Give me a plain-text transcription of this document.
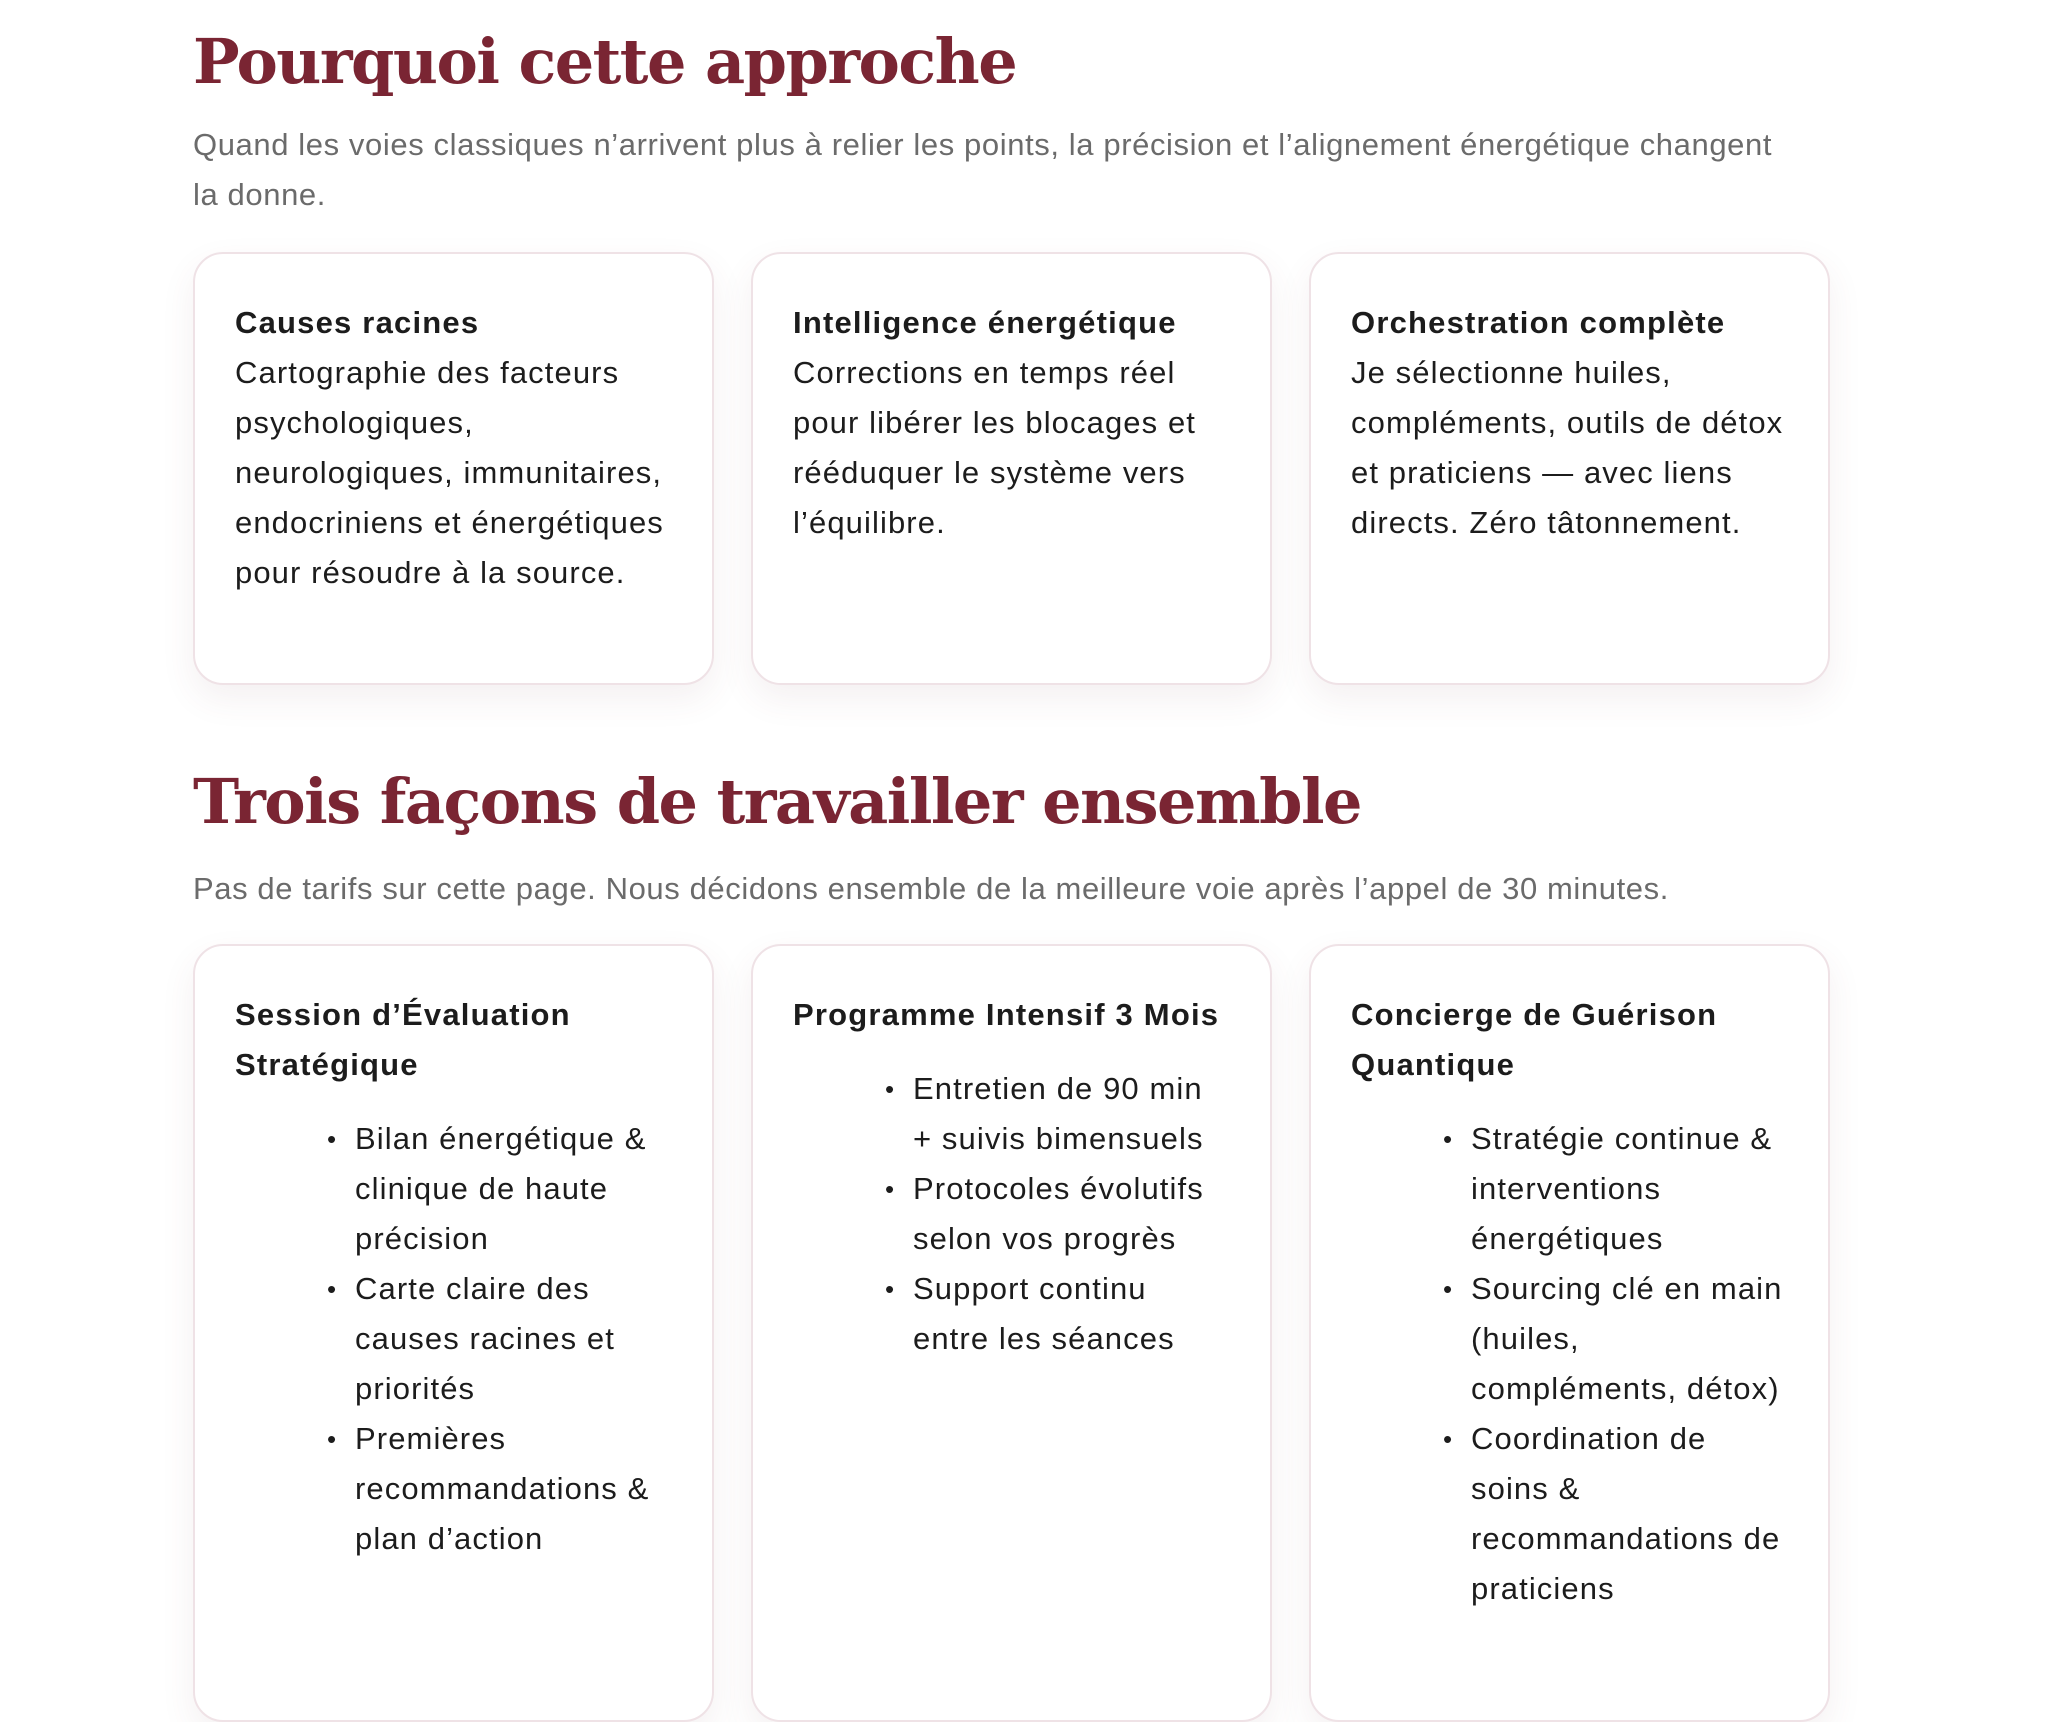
Pourquoi cette approche

Quand les voies classiques n’arrivent plus à relier les points, la précision et l’alignement énergétique changent la donne.

Causes racines
Cartographie des facteurs psychologiques, neurologiques, immunitaires, endocriniens et énergétiques pour résoudre à la source.
Intelligence énergétique
Corrections en temps réel pour libérer les blocages et rééduquer le système vers l’équilibre.
Orchestration complète
Je sélectionne huiles, compléments, outils de détox et praticiens — avec liens directs. Zéro tâtonnement.
Trois façons de travailler ensemble

Pas de tarifs sur cette page. Nous décidons ensemble de la meilleure voie après l’appel de 30 minutes.

Session d’Évaluation Stratégique
• Bilan énergétique & clinique de haute précision
• Carte claire des causes racines et priorités
• Premières recommandations & plan d’action
Programme Intensif 3 Mois
• Entretien de 90 min + suivis bimensuels
• Protocoles évolutifs selon vos progrès
• Support continu entre les séances
Concierge de Guérison Quantique
• Stratégie continue & interventions énergétiques
• Sourcing clé en main (huiles, compléments, détox)
• Coordination de soins & recommandations de praticiens
